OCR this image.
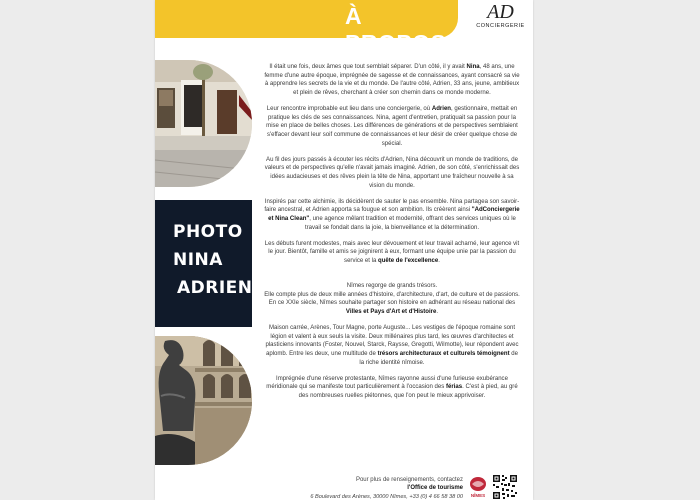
À PROPOS
AD
CONCIERGERIE
PHOTO
NINA
ADRIEN

Il était une fois, deux âmes que tout semblait séparer. D'un côté, il y avait Nina, 48 ans, une femme d'une autre époque, imprégnée de sagesse et de connaissances, ayant consacré sa vie à apprendre les secrets de la vie et du monde. De l'autre côté, Adrien, 33 ans, jeune, ambitieux et plein de rêves, cherchant à créer son chemin dans ce monde moderne.

Leur rencontre improbable eut lieu dans une conciergerie, où Adrien, gestionnaire, mettait en pratique les clés de ses connaissances. Nina, agent d'entretien, pratiquait sa passion pour la mise en place de belles choses. Les différences de générations et de perspectives semblaient s'effacer devant leur soif commune de connaissances et leur désir de créer quelque chose de spécial.

Au fil des jours passés à écouter les récits d'Adrien, Nina découvrit un monde de traditions, de valeurs et de perspectives qu'elle n'avait jamais imaginé. Adrien, de son côté, s'enrichissait des idées audacieuses et des rêves plein la tête de Nina, apportant une fraîcheur nouvelle à sa vision du monde.

Inspirés par cette alchimie, ils décidèrent de sauter le pas ensemble. Nina partagea son savoir-faire ancestral, et Adrien apporta sa fougue et son ambition. Ils créèrent ainsi "AdConciergerie et Nina Clean", une agence mêlant tradition et modernité, offrant des services uniques où le travail se fondait dans la joie, la bienveillance et la détermination.

Les débuts furent modestes, mais avec leur dévouement et leur travail acharné, leur agence vit le jour. Bientôt, famille et amis se joignirent à eux, formant une équipe unie par la passion du service et la quête de l'excellence.

Nîmes regorge de grands trésors.

Elle compte plus de deux mille années d'histoire, d'architecture, d'art, de culture et de passions.

En ce XXIe siècle, Nîmes souhaite partager son histoire en adhérant au réseau national des Villes et Pays d'Art et d'Histoire.

Maison carrée, Arènes, Tour Magne, porte Auguste... Les vestiges de l'époque romaine sont légion et valent à eux seuls la visite. Deux millénaires plus tard, les œuvres d'architectes et plasticiens innovants (Foster, Nouvel, Starck, Raysse, Gregotti, Wilmotte), leur répondent avec aplomb. Entre les deux, une multitude de trésors architecturaux et culturels témoignent de la riche identité nîmoise.

Imprégnée d'une réserve protestante, Nîmes rayonne aussi d'une furieuse exubérance méridionale qui se manifeste tout particulièrement à l'occasion des férias. C'est à pied, au gré des nombreuses ruelles piétonnes, que l'on peut le mieux apprivoiser.

Pour plus de renseignements, contactez
l'Office de tourisme
6 Boulevard des Arènes, 30000 Nîmes, +33 (0) 4 66 58 38 00 NÎMES
